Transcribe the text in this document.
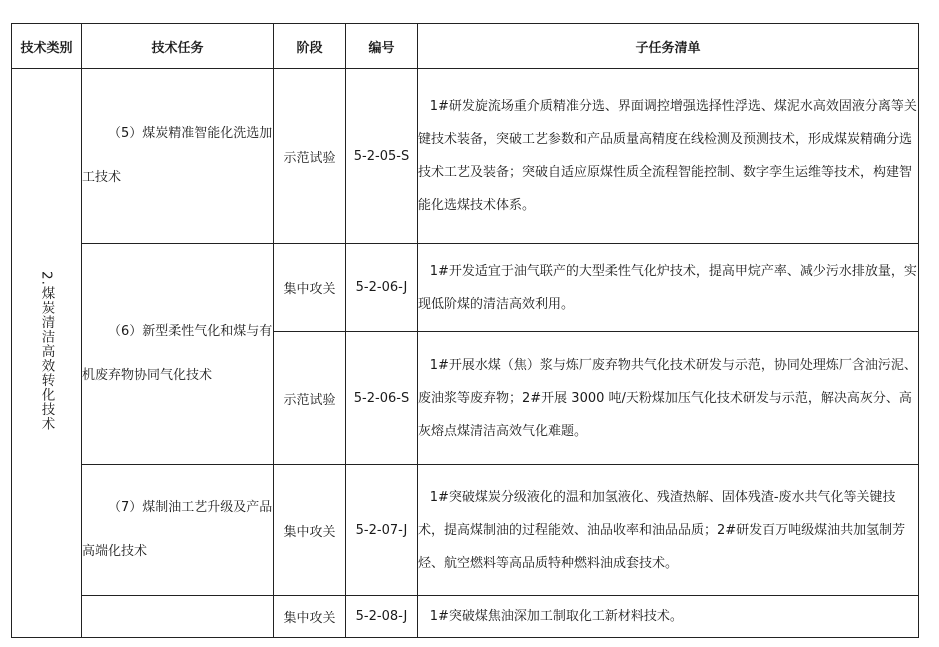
技术类别	技术任务	阶段	编号	子任务清单
2.煤炭清洁高效转化技术	（5）煤炭精准智能化洗选加工技术	示范试验	5-2-05-S	1#研发旋流场重介质精准分选、界面调控增强选择性浮选、煤泥水高效固液分离等关键技术装备，突破工艺参数和产品质量高精度在线检测及预测技术，形成煤炭精确分选技术工艺及装备；突破自适应原煤性质全流程智能控制、数字孪生运维等技术，构建智能化选煤技术体系。

	（6）新型柔性气化和煤与有机废弃物协同气化技术	集中攻关	5-2-06-J	1#开发适宜于油气联产的大型柔性气化炉技术，提高甲烷产率、减少污水排放量，实现低阶煤的清洁高效利用。

		示范试验	5-2-06-S	1#开展水煤（焦）浆与炼厂废弃物共气化技术研发与示范，协同处理炼厂含油污泥、废油浆等废弃物；2#开展 3000 吨/天粉煤加压气化技术研发与示范，解决高灰分、高灰熔点煤清洁高效气化难题。

	（7）煤制油工艺升级及产品高端化技术	集中攻关	5-2-07-J	1#突破煤炭分级液化的温和加氢液化、残渣热解、固体残渣-废水共气化等关键技术，提高煤制油的过程能效、油品收率和油品品质；2#研发百万吨级煤油共加氢制芳烃、航空燃料等高品质特种燃料油成套技术。

		集中攻关	5-2-08-J	1#突破煤焦油深加工制取化工新材料技术。
